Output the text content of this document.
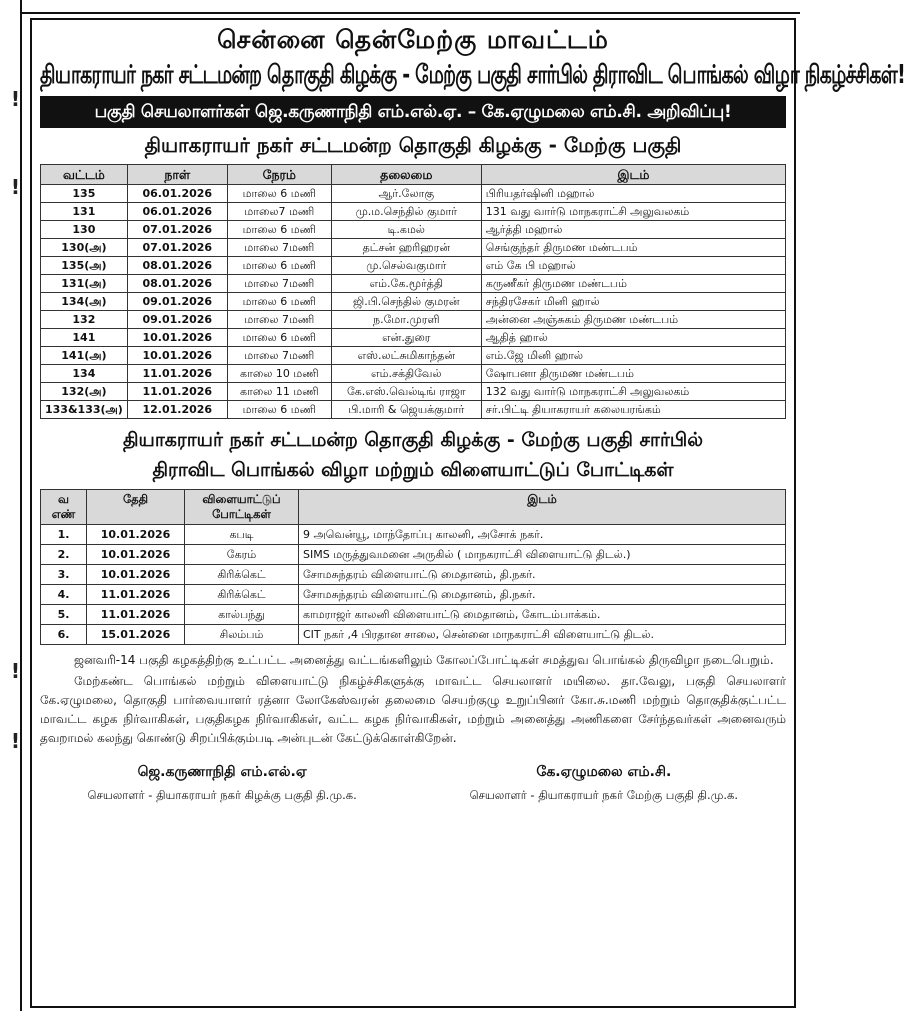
!
!
!
!
சென்னை தென்மேற்கு மாவட்டம்
தியாகராயர் நகர் சட்டமன்ற தொகுதி கிழக்கு - மேற்கு பகுதி சார்பில் திராவிட பொங்கல் விழா நிகழ்ச்சிகள்!
பகுதி செயலாளர்கள் ஜெ.கருணாநிதி எம்.எல்.ஏ. – கே.ஏழுமலை எம்.சி. அறிவிப்பு!
தியாகராயர் நகர் சட்டமன்ற தொகுதி கிழக்கு - மேற்கு பகுதி
வட்டம்	நாள்	நேரம்	தலைமை	இடம்
135	06.01.2026	மாலை 6 மணி	ஆர்.லோகு	பிரியதர்ஷினி மஹால்
131	06.01.2026	மாலை7 மணி	மு.ம.செந்தில் குமார்	131 வது வார்டு மாநகராட்சி அலுவலகம்
130	07.01.2026	மாலை 6 மணி	டி.கமல்	ஆர்த்தி மஹால்
130(அ)	07.01.2026	மாலை 7மணி	தட்சன் ஹரிஹரன்	செங்குந்தர் திருமண மண்டபம்
135(அ)	08.01.2026	மாலை 6 மணி	மு.செல்வகுமார்	எம் கே பி மஹால்
131(அ)	08.01.2026	மாலை 7மணி	எம்.கே.மூர்த்தி	கருணீகர் திருமண மண்டபம்
134(அ)	09.01.2026	மாலை 6 மணி	ஜி.பி.செந்தில் குமரன்	சந்திரசேகர் மினி ஹால்
132	09.01.2026	மாலை 7மணி	ந.மோ.முரளி	அன்னை அஞ்சுகம் திருமண மண்டபம்
141	10.01.2026	மாலை 6 மணி	என்.துரை	ஆதித் ஹால்
141(அ)	10.01.2026	மாலை 7மணி	எஸ்.லட்சுமிகாந்தன்	எம்.ஜே மினி ஹால்
134	11.01.2026	காலை 10 மணி	எம்.சக்திவேல்	ஷோபனா திருமண மண்டபம்
132(அ)	11.01.2026	காலை 11 மணி	கே.எஸ்.வெல்டிங் ராஜா	132 வது வார்டு மாநகராட்சி அலுவலகம்
133&133(அ)	12.01.2026	மாலை 6 மணி	பி.மாரி & ஜெயக்குமார்	சர்.பிட்டி தியாகராயர் கலையரங்கம்
தியாகராயர் நகர் சட்டமன்ற தொகுதி கிழக்கு - மேற்கு பகுதி சார்பில்
திராவிட பொங்கல் விழா மற்றும் விளையாட்டுப் போட்டிகள்
வ எண்	தேதி	விளையாட்டுப் போட்டிகள்	இடம்
1.	10.01.2026	கபடி	9 அவென்யூ, மாந்தோப்பு காலனி, அசோக் நகர்.
2.	10.01.2026	கேரம்	SIMS மருத்துவமனை அருகில் ( மாநகராட்சி விளையாட்டு திடல்.)
3.	10.01.2026	கிரிக்கெட்	சோமசுந்தரம் விளையாட்டு மைதானம், தி.நகர்.
4.	11.01.2026	கிரிக்கெட்	சோமசுந்தரம் விளையாட்டு மைதானம், தி.நகர்.
5.	11.01.2026	கால்பந்து	காமராஜர் காலனி விளையாட்டு மைதானம், கோடம்பாக்கம்.
6.	15.01.2026	சிலம்பம்	CIT நகர் ,4 பிரதான சாலை, சென்னை மாநகராட்சி விளையாட்டு திடல்.
ஜனவரி-14 பகுதி கழகத்திற்கு உட்பட்ட அனைத்து வட்டங்களிலும் கோலப்போட்டிகள் சமத்துவ பொங்கல் திருவிழா நடைபெறும்.
மேற்கண்ட பொங்கல் மற்றும் விளையாட்டு நிகழ்ச்சிகளுக்கு மாவட்ட செயலாளர் மயிலை. தா.வேலு, பகுதி செயலாளர் கே.ஏழுமலை, தொகுதி பார்வையாளர் ரத்னா லோகேஸ்வரன் தலைமை செயற்குழு உறுப்பினர் கோ.சு.மணி மற்றும் தொகுதிக்குட்பட்ட மாவட்ட கழக நிர்வாகிகள், பகுதிகழக நிர்வாகிகள், வட்ட கழக நிர்வாகிகள், மற்றும் அனைத்து அணிகளை சேர்ந்தவர்கள் அனைவரும் தவறாமல் கலந்து கொண்டு சிறப்பிக்கும்படி அன்புடன் கேட்டுக்கொள்கிறேன்.
ஜெ.கருணாநிதி எம்.எல்.ஏ
செயலாளர் - தியாகராயர் நகர் கிழக்கு பகுதி தி.மு.க.
கே.ஏழுமலை எம்.சி.
செயலாளர் - தியாகராயர் நகர் மேற்கு பகுதி தி.மு.க.
